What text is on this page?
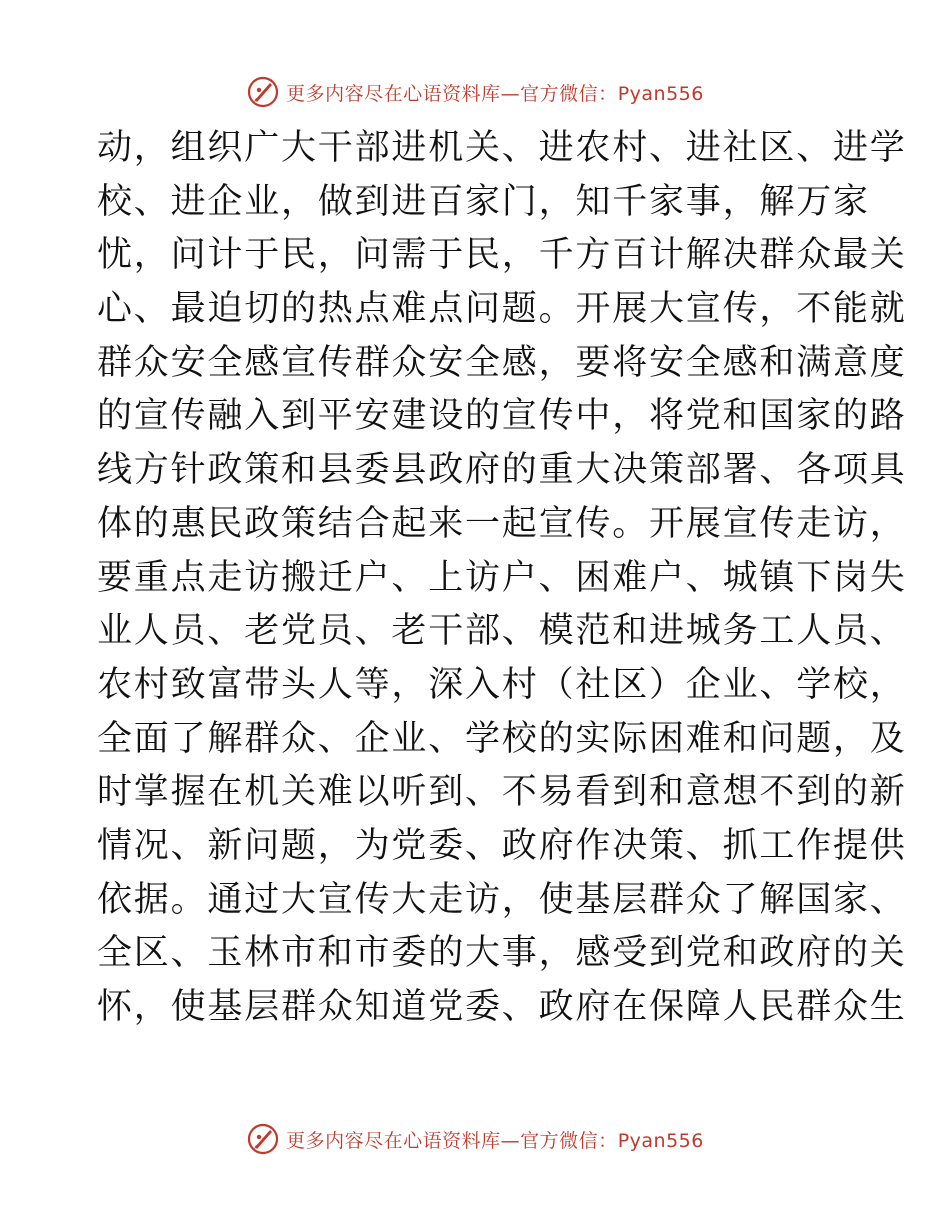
更多内容尽在心语资料库—官方微信：Pyan556
动，组织广大干部进机关、进农村、进社区、进学
校、进企业，做到进百家门，知千家事，解万家
忧，问计于民，问需于民，千方百计解决群众最关
心、最迫切的热点难点问题。开展大宣传，不能就
群众安全感宣传群众安全感，要将安全感和满意度
的宣传融入到平安建设的宣传中，将党和国家的路
线方针政策和县委县政府的重大决策部署、各项具
体的惠民政策结合起来一起宣传。开展宣传走访，
要重点走访搬迁户、上访户、困难户、城镇下岗失
业人员、老党员、老干部、模范和进城务工人员、
农村致富带头人等，深入村（社区）企业、学校，
全面了解群众、企业、学校的实际困难和问题，及
时掌握在机关难以听到、不易看到和意想不到的新
情况、新问题，为党委、政府作决策、抓工作提供
依据。通过大宣传大走访，使基层群众了解国家、
全区、玉林市和市委的大事，感受到党和政府的关
怀，使基层群众知道党委、政府在保障人民群众生
更多内容尽在心语资料库—官方微信：Pyan556
